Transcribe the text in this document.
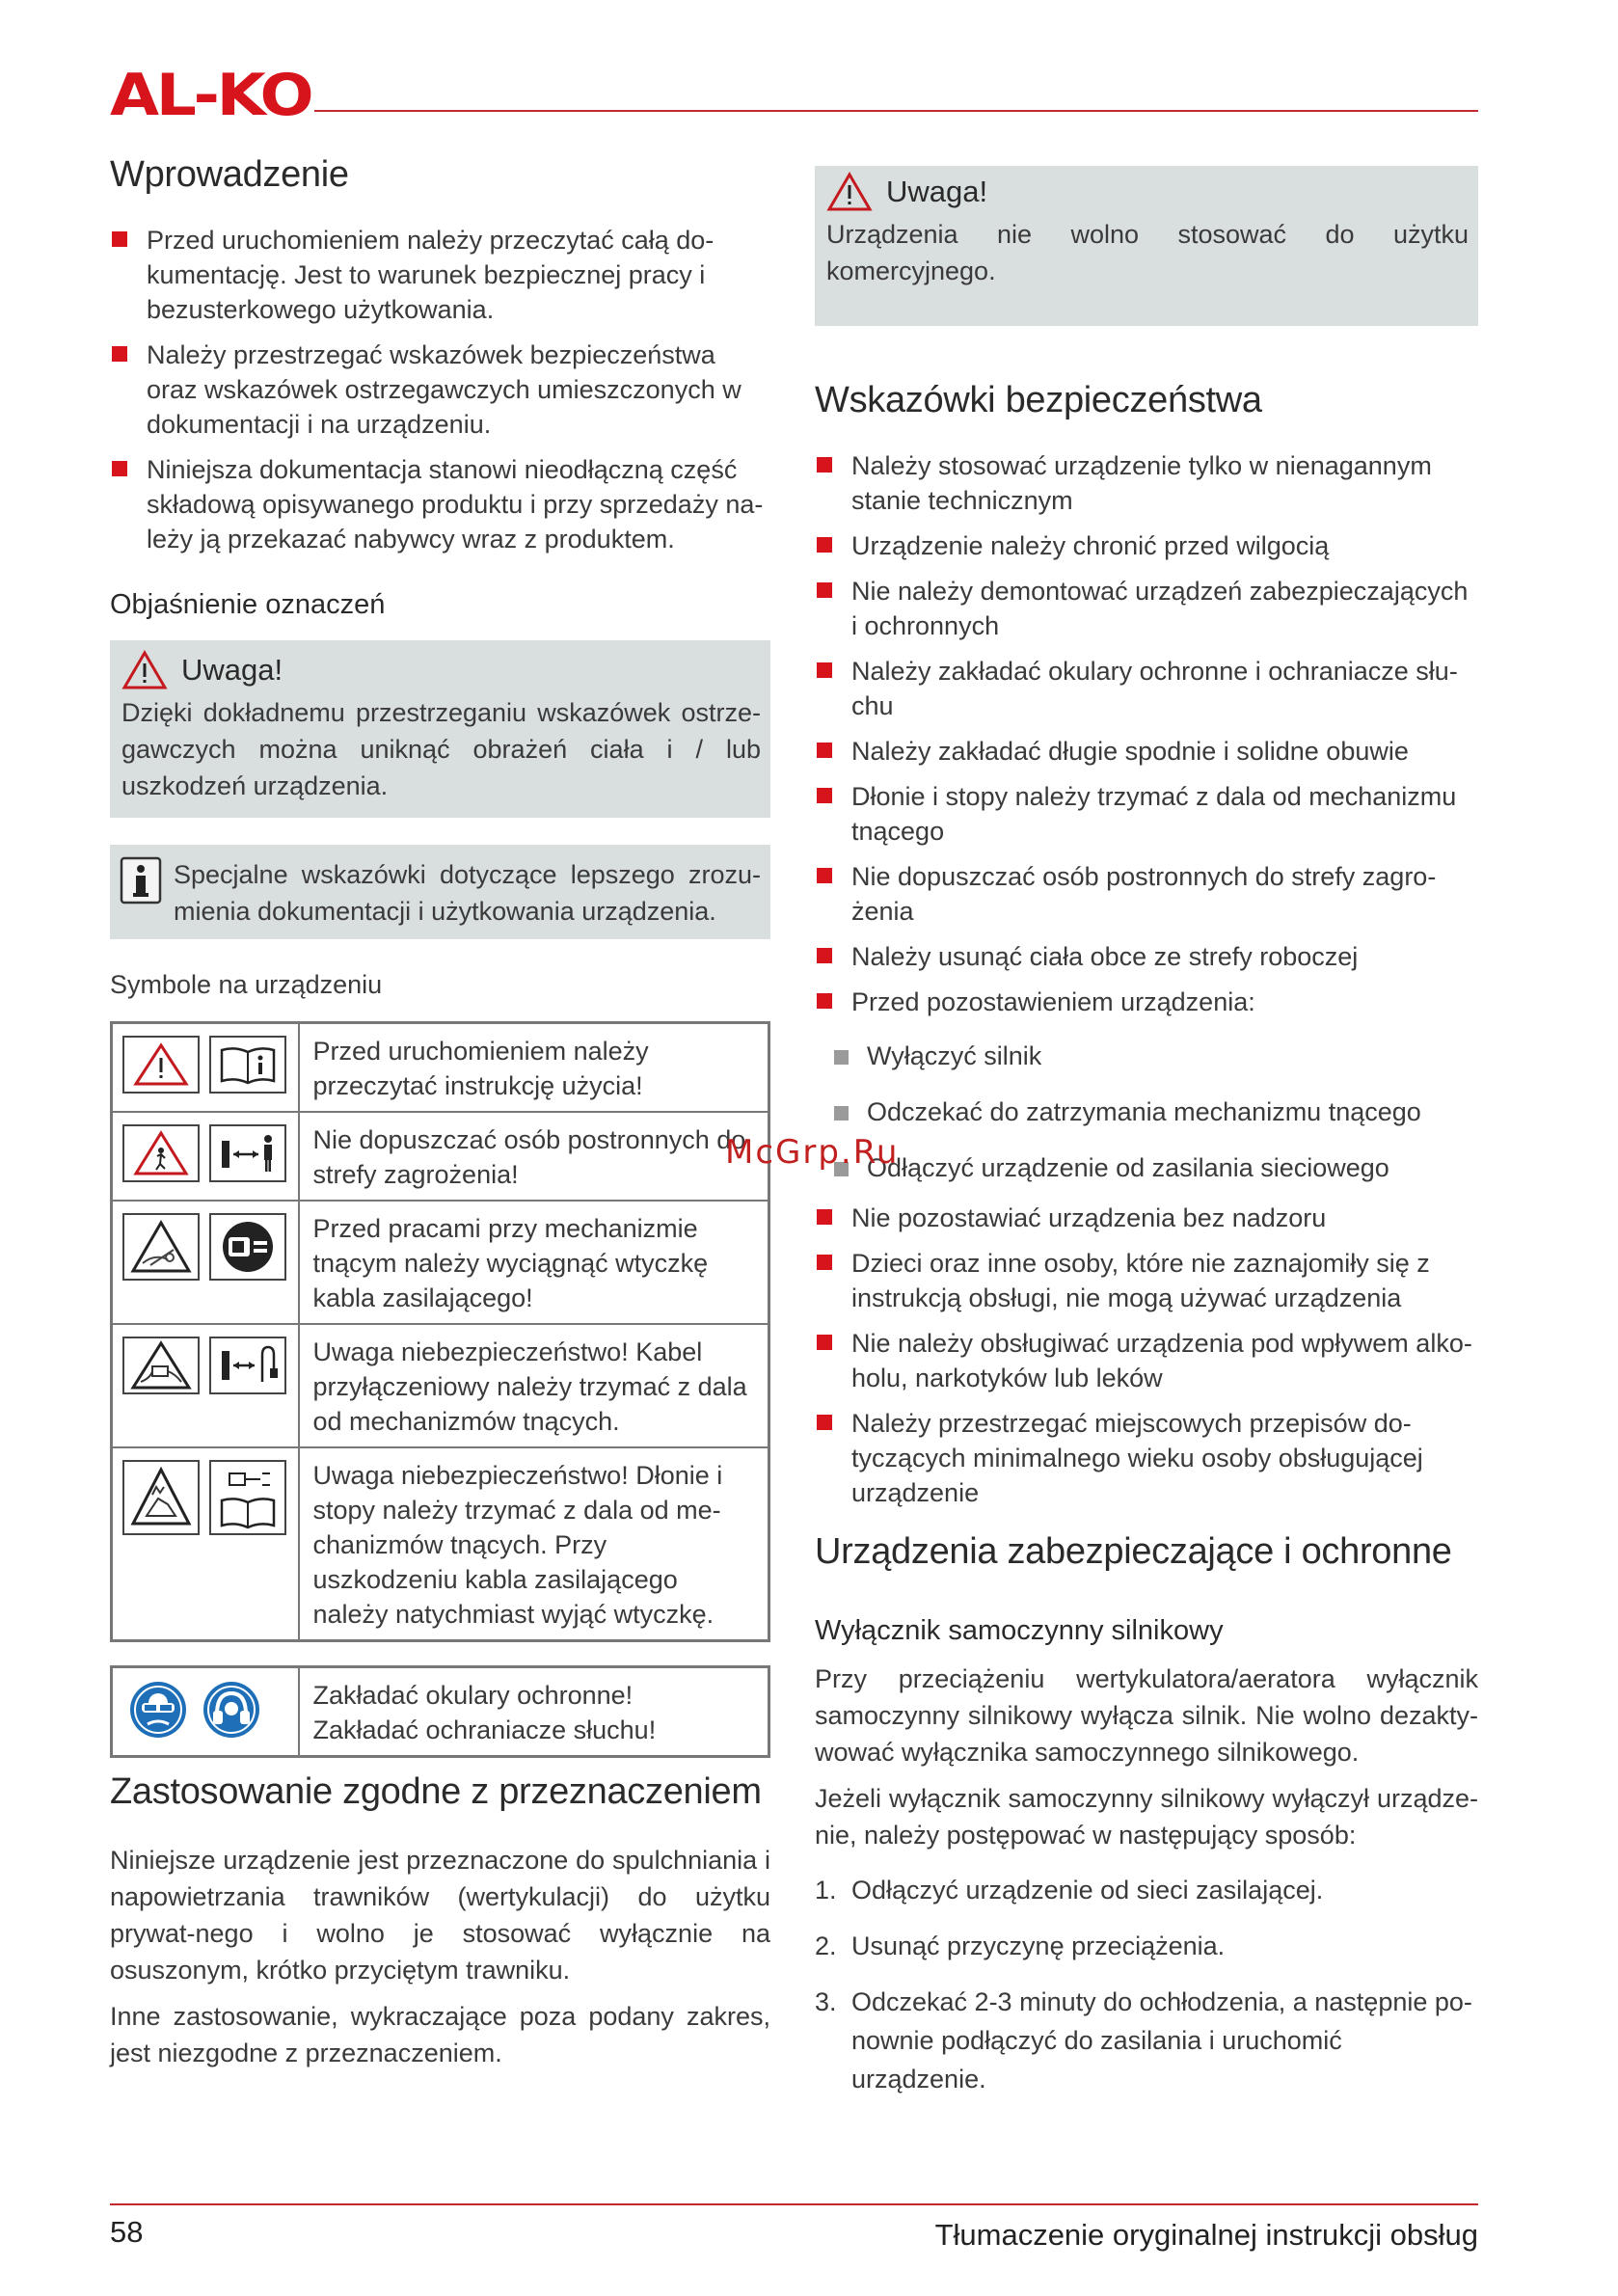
AL-KO
Wprowadzenie
Przed uruchomieniem należy przeczytać całą do-kumentację. Jest to warunek bezpiecznej pracy i bezusterkowego użytkowania.
Należy przestrzegać wskazówek bezpieczeństwa oraz wskazówek ostrzegawczych umieszczonych w dokumentacji i na urządzeniu.
Niniejsza dokumentacja stanowi nieodłączną część składową opisywanego produktu i przy sprzedaży na-leży ją przekazać nabywcy wraz z produktem.
Objaśnienie oznaczeń
Uwaga!
Dzięki dokładnemu przestrzeganiu wskazówek ostrze-gawczych można uniknąć obrażeń ciała i / lub uszkodzeń urządzenia.
Specjalne wskazówki dotyczące lepszego zrozu-mienia dokumentacji i użytkowania urządzenia.
Symbole na urządzeniu
	Przed uruchomieniem należy przeczytać instrukcję użycia!

	Nie dopuszczać osób postronnych do strefy zagrożenia!

	Przed pracami przy mechanizmie tnącym należy wyciągnąć wtyczkę kabla zasilającego!

	Uwaga niebezpieczeństwo! Kabel przyłączeniowy należy trzymać z dala od mechanizmów tnących.

	Uwaga niebezpieczeństwo! Dłonie i stopy należy trzymać z dala od me-chanizmów tnących. Przy uszkodzeniu kabla zasilającego należy natychmiast wyjąć wtyczkę.

Zakładać okulary ochronne!
Zakładać ochraniacze słuchu!
Zastosowanie zgodne z przeznaczeniem

Niniejsze urządzenie jest przeznaczone do spulchniania i napowietrzania trawników (wertykulacji) do użytku prywat-nego i wolno je stosować wyłącznie na osuszonym, krótko przyciętym trawniku.

Inne zastosowanie, wykraczające poza podany zakres, jest niezgodne z przeznaczeniem.

Uwaga!
Urządzenia nie wolno stosować do użytku komercyjnego.
Wskazówki bezpieczeństwa
Należy stosować urządzenie tylko w nienagannym stanie technicznym
Urządzenie należy chronić przed wilgocią
Nie należy demontować urządzeń zabezpieczających i ochronnych
Należy zakładać okulary ochronne i ochraniacze słu-chu
Należy zakładać długie spodnie i solidne obuwie
Dłonie i stopy należy trzymać z dala od mechanizmu tnącego
Nie dopuszczać osób postronnych do strefy zagro-żenia
Należy usunąć ciała obce ze strefy roboczej
Przed pozostawieniem urządzenia:
Wyłączyć silnik
Odczekać do zatrzymania mechanizmu tnącego
Odłączyć urządzenie od zasilania sieciowego
Nie pozostawiać urządzenia bez nadzoru
Dzieci oraz inne osoby, które nie zaznajomiły się z instrukcją obsługi, nie mogą używać urządzenia
Nie należy obsługiwać urządzenia pod wpływem alko-holu, narkotyków lub leków
Należy przestrzegać miejscowych przepisów do-tyczących minimalnego wieku osoby obsługującej urządzenie
Urządzenia zabezpieczające i ochronne
Wyłącznik samoczynny silnikowy

Przy przeciążeniu wertykulatora/aeratora wyłącznik samoczynny silnikowy wyłącza silnik. Nie wolno dezakty-wować wyłącznika samoczynnego silnikowego.

Jeżeli wyłącznik samoczynny silnikowy wyłączył urządze-nie, należy postępować w następujący sposób:

1. Odłączyć urządzenie od sieci zasilającej.
2. Usunąć przyczynę przeciążenia.
3. Odczekać 2-3 minuty do ochłodzenia, a następnie po-nownie podłączyć do zasilania i uruchomić urządzenie.
McGrp.Ru
58	Tłumaczenie oryginalnej instrukcji obsług
